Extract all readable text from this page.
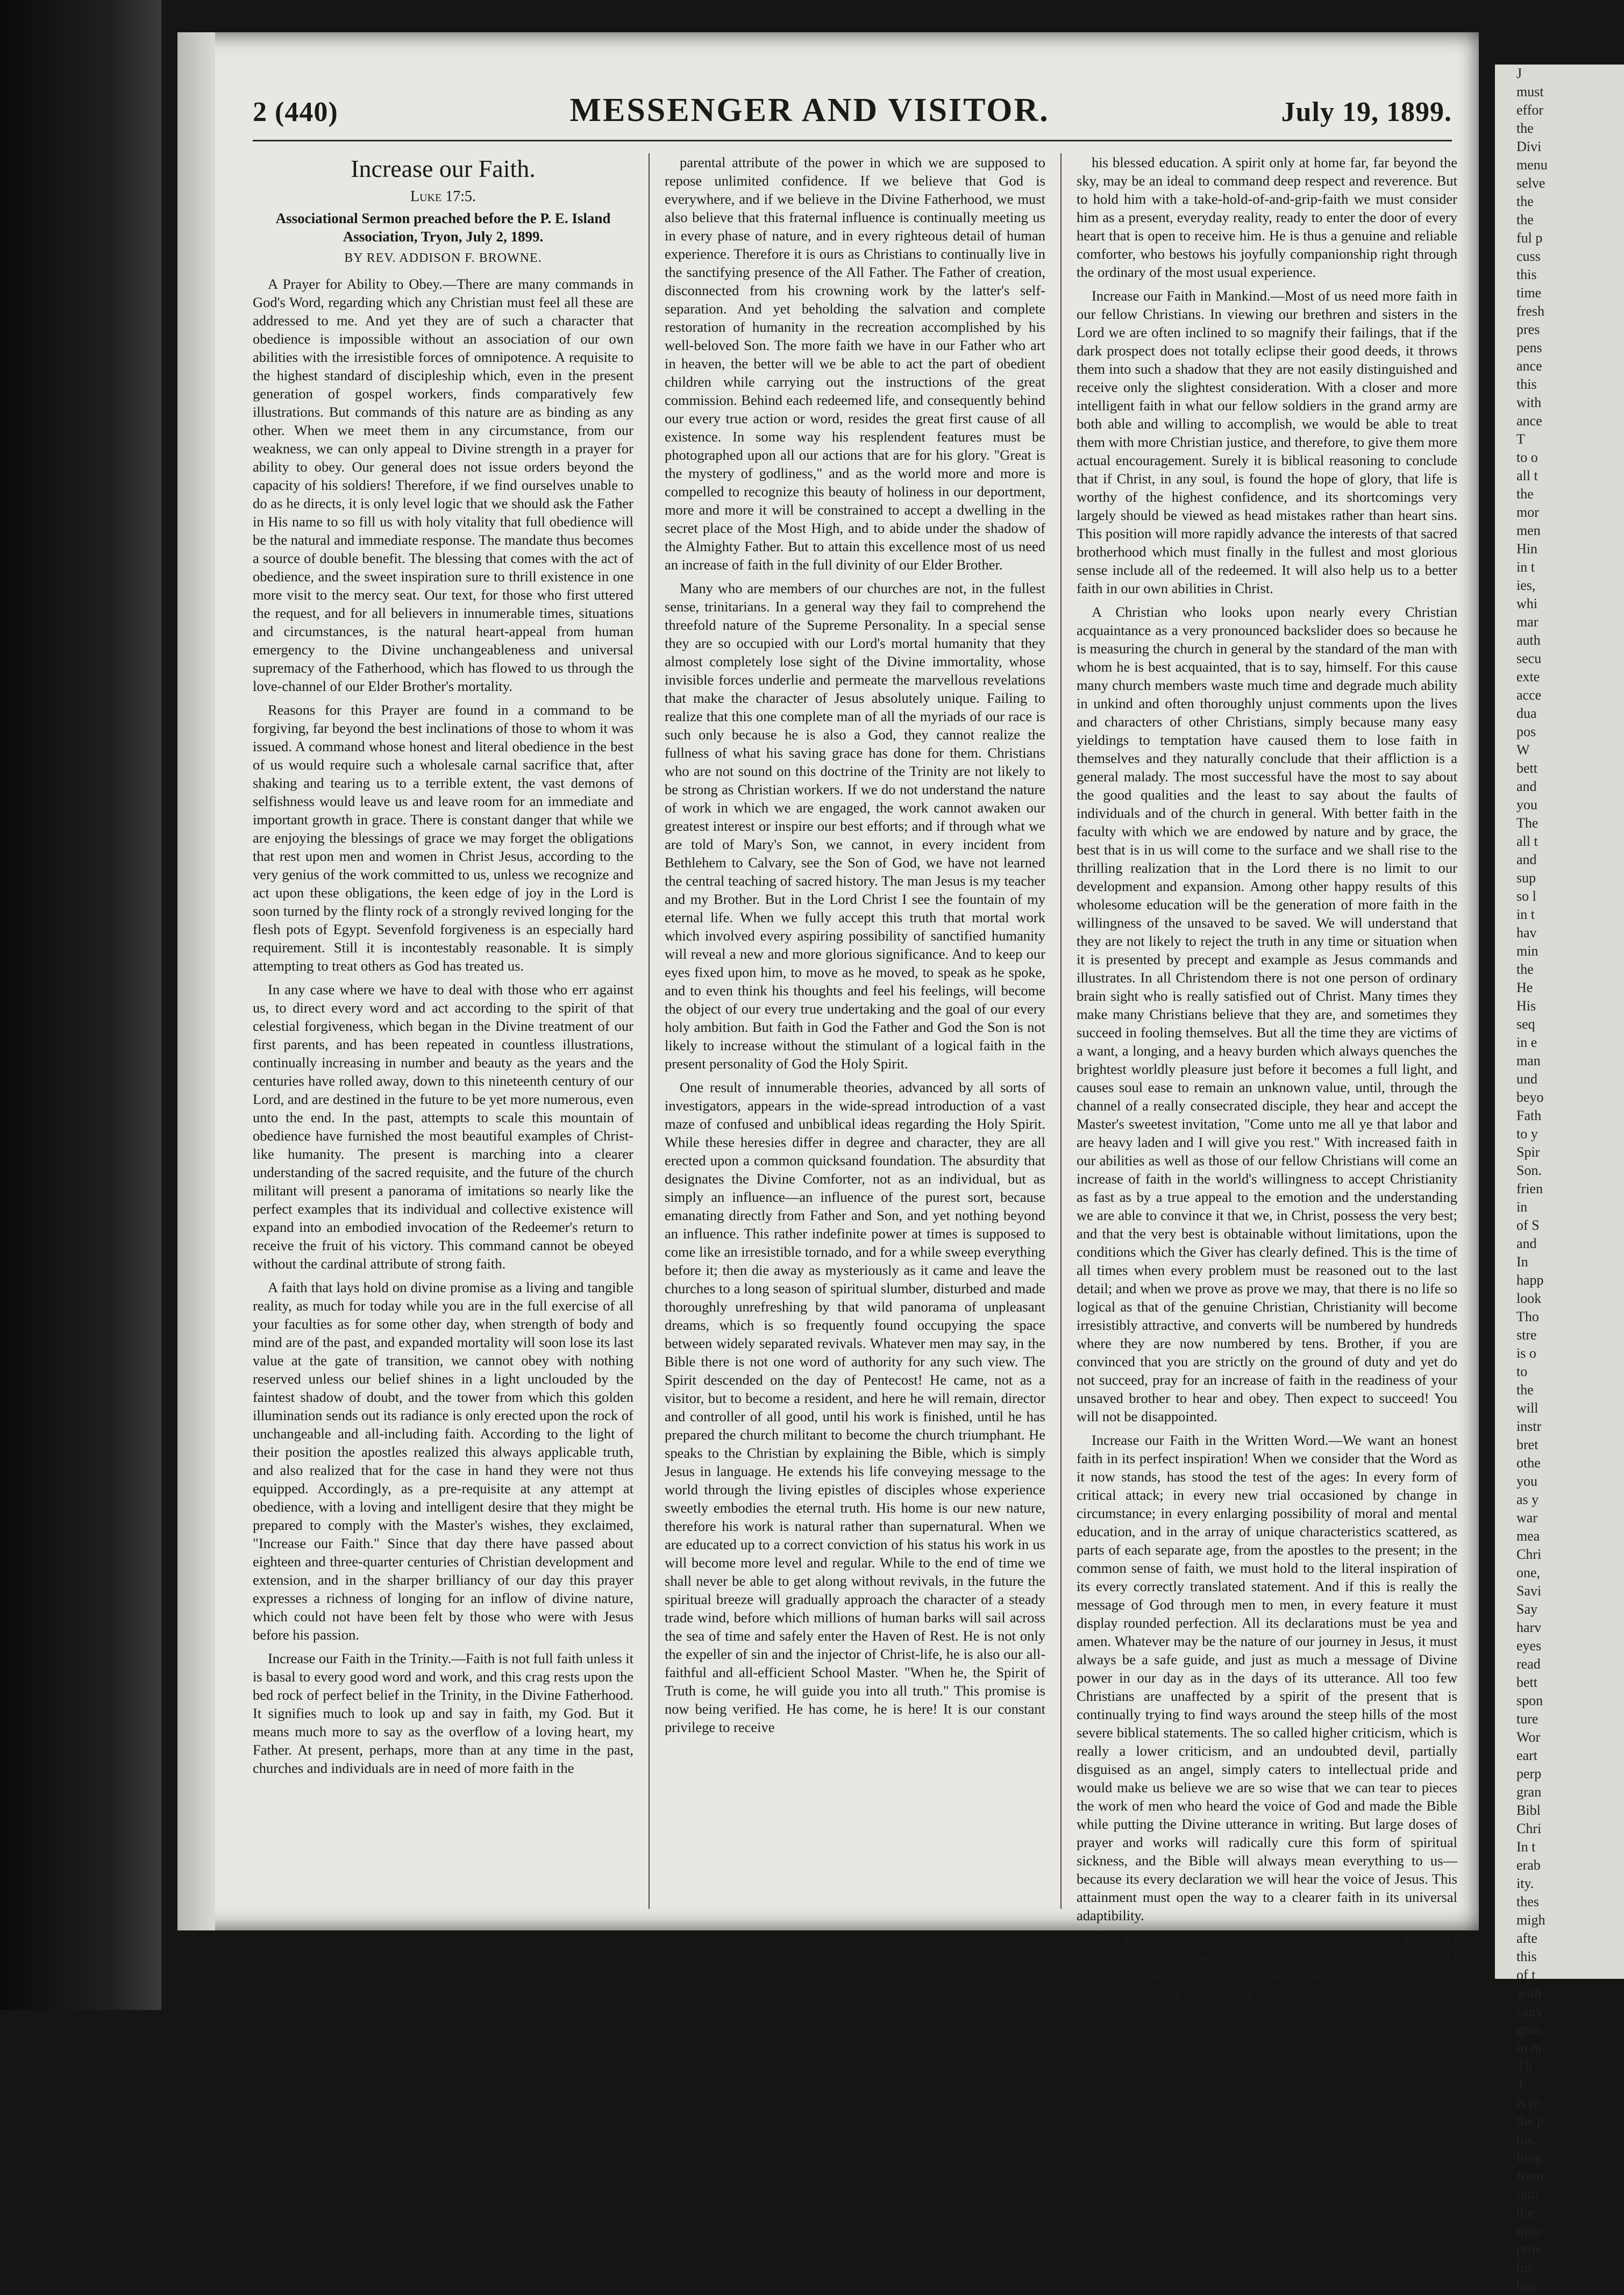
2 (440)	MESSENGER AND VISITOR.	July 19, 1899.
Increase our Faith.
Luke 17:5.
Associational Sermon preached before the P. E. Island Association, Tryon, July 2, 1899.
BY REV. ADDISON F. BROWNE.

A Prayer for Ability to Obey.—There are many commands in God's Word, regarding which any Christian must feel all these are addressed to me. And yet they are of such a character that obedience is impossible without an association of our own abilities with the irresistible forces of omnipotence. A requisite to the highest standard of discipleship which, even in the present generation of gospel workers, finds comparatively few illustrations. But commands of this nature are as binding as any other. When we meet them in any circumstance, from our weakness, we can only appeal to Divine strength in a prayer for ability to obey. Our general does not issue orders beyond the capacity of his soldiers! Therefore, if we find ourselves unable to do as he directs, it is only level logic that we should ask the Father in His name to so fill us with holy vitality that full obedience will be the natural and immediate response. The mandate thus becomes a source of double benefit. The blessing that comes with the act of obedience, and the sweet inspiration sure to thrill existence in one more visit to the mercy seat. Our text, for those who first uttered the request, and for all believers in innumerable times, situations and circumstances, is the natural heart-appeal from human emergency to the Divine unchangeableness and universal supremacy of the Fatherhood, which has flowed to us through the love-channel of our Elder Brother's mortality.

Reasons for this Prayer are found in a command to be forgiving, far beyond the best inclinations of those to whom it was issued. A command whose honest and literal obedience in the best of us would require such a wholesale carnal sacrifice that, after shaking and tearing us to a terrible extent, the vast demons of selfishness would leave us and leave room for an immediate and important growth in grace. There is constant danger that while we are enjoying the blessings of grace we may forget the obligations that rest upon men and women in Christ Jesus, according to the very genius of the work committed to us, unless we recognize and act upon these obligations, the keen edge of joy in the Lord is soon turned by the flinty rock of a strongly revived longing for the flesh pots of Egypt. Sevenfold forgiveness is an especially hard requirement. Still it is incontestably reasonable. It is simply attempting to treat others as God has treated us.

In any case where we have to deal with those who err against us, to direct every word and act according to the spirit of that celestial forgiveness, which began in the Divine treatment of our first parents, and has been repeated in countless illustrations, continually increasing in number and beauty as the years and the centuries have rolled away, down to this nineteenth century of our Lord, and are destined in the future to be yet more numerous, even unto the end. In the past, attempts to scale this mountain of obedience have furnished the most beautiful examples of Christ-like humanity. The present is marching into a clearer understanding of the sacred requisite, and the future of the church militant will present a panorama of imitations so nearly like the perfect examples that its individual and collective existence will expand into an embodied invocation of the Redeemer's return to receive the fruit of his victory. This command cannot be obeyed without the cardinal attribute of strong faith.

A faith that lays hold on divine promise as a living and tangible reality, as much for today while you are in the full exercise of all your faculties as for some other day, when strength of body and mind are of the past, and expanded mortality will soon lose its last value at the gate of transition, we cannot obey with nothing reserved unless our belief shines in a light unclouded by the faintest shadow of doubt, and the tower from which this golden illumination sends out its radiance is only erected upon the rock of unchangeable and all-including faith. According to the light of their position the apostles realized this always applicable truth, and also realized that for the case in hand they were not thus equipped. Accordingly, as a pre-requisite at any attempt at obedience, with a loving and intelligent desire that they might be prepared to comply with the Master's wishes, they exclaimed, "Increase our Faith." Since that day there have passed about eighteen and three-quarter centuries of Christian development and extension, and in the sharper brilliancy of our day this prayer expresses a richness of longing for an inflow of divine nature, which could not have been felt by those who were with Jesus before his passion.

Increase our Faith in the Trinity.—Faith is not full faith unless it is basal to every good word and work, and this crag rests upon the bed rock of perfect belief in the Trinity, in the Divine Fatherhood. It signifies much to look up and say in faith, my God. But it means much more to say as the overflow of a loving heart, my Father. At present, perhaps, more than at any time in the past, churches and individuals are in need of more faith in the

parental attribute of the power in which we are supposed to repose unlimited confidence. If we believe that God is everywhere, and if we believe in the Divine Fatherhood, we must also believe that this fraternal influence is continually meeting us in every phase of nature, and in every righteous detail of human experience. Therefore it is ours as Christians to continually live in the sanctifying presence of the All Father. The Father of creation, disconnected from his crowning work by the latter's self-separation. And yet beholding the salvation and complete restoration of humanity in the recreation accomplished by his well-beloved Son. The more faith we have in our Father who art in heaven, the better will we be able to act the part of obedient children while carrying out the instructions of the great commission. Behind each redeemed life, and consequently behind our every true action or word, resides the great first cause of all existence. In some way his resplendent features must be photographed upon all our actions that are for his glory. "Great is the mystery of godliness," and as the world more and more is compelled to recognize this beauty of holiness in our deportment, more and more it will be constrained to accept a dwelling in the secret place of the Most High, and to abide under the shadow of the Almighty Father. But to attain this excellence most of us need an increase of faith in the full divinity of our Elder Brother.

Many who are members of our churches are not, in the fullest sense, trinitarians. In a general way they fail to comprehend the threefold nature of the Supreme Personality. In a special sense they are so occupied with our Lord's mortal humanity that they almost completely lose sight of the Divine immortality, whose invisible forces underlie and permeate the marvellous revelations that make the character of Jesus absolutely unique. Failing to realize that this one complete man of all the myriads of our race is such only because he is also a God, they cannot realize the fullness of what his saving grace has done for them. Christians who are not sound on this doctrine of the Trinity are not likely to be strong as Christian workers. If we do not understand the nature of work in which we are engaged, the work cannot awaken our greatest interest or inspire our best efforts; and if through what we are told of Mary's Son, we cannot, in every incident from Bethlehem to Calvary, see the Son of God, we have not learned the central teaching of sacred history. The man Jesus is my teacher and my Brother. But in the Lord Christ I see the fountain of my eternal life. When we fully accept this truth that mortal work which involved every aspiring possibility of sanctified humanity will reveal a new and more glorious significance. And to keep our eyes fixed upon him, to move as he moved, to speak as he spoke, and to even think his thoughts and feel his feelings, will become the object of our every true undertaking and the goal of our every holy ambition. But faith in God the Father and God the Son is not likely to increase without the stimulant of a logical faith in the present personality of God the Holy Spirit.

One result of innumerable theories, advanced by all sorts of investigators, appears in the wide-spread introduction of a vast maze of confused and unbiblical ideas regarding the Holy Spirit. While these heresies differ in degree and character, they are all erected upon a common quicksand foundation. The absurdity that designates the Divine Comforter, not as an individual, but as simply an influence—an influence of the purest sort, because emanating directly from Father and Son, and yet nothing beyond an influence. This rather indefinite power at times is supposed to come like an irresistible tornado, and for a while sweep everything before it; then die away as mysteriously as it came and leave the churches to a long season of spiritual slumber, disturbed and made thoroughly unrefreshing by that wild panorama of unpleasant dreams, which is so frequently found occupying the space between widely separated revivals. Whatever men may say, in the Bible there is not one word of authority for any such view. The Spirit descended on the day of Pentecost! He came, not as a visitor, but to become a resident, and here he will remain, director and controller of all good, until his work is finished, until he has prepared the church militant to become the church triumphant. He speaks to the Christian by explaining the Bible, which is simply Jesus in language. He extends his life conveying message to the world through the living epistles of disciples whose experience sweetly embodies the eternal truth. His home is our new nature, therefore his work is natural rather than supernatural. When we are educated up to a correct conviction of his status his work in us will become more level and regular. While to the end of time we shall never be able to get along without revivals, in the future the spiritual breeze will gradually approach the character of a steady trade wind, before which millions of human barks will sail across the sea of time and safely enter the Haven of Rest. He is not only the expeller of sin and the injector of Christ-life, he is also our all-faithful and all-efficient School Master. "When he, the Spirit of Truth is come, he will guide you into all truth." This promise is now being verified. He has come, he is here! It is our constant privilege to receive

his blessed education. A spirit only at home far, far beyond the sky, may be an ideal to command deep respect and reverence. But to hold him with a take-hold-of-and-grip-faith we must consider him as a present, everyday reality, ready to enter the door of every heart that is open to receive him. He is thus a genuine and reliable comforter, who bestows his joyfully companionship right through the ordinary of the most usual experience.

Increase our Faith in Mankind.—Most of us need more faith in our fellow Christians. In viewing our brethren and sisters in the Lord we are often inclined to so magnify their failings, that if the dark prospect does not totally eclipse their good deeds, it throws them into such a shadow that they are not easily distinguished and receive only the slightest consideration. With a closer and more intelligent faith in what our fellow soldiers in the grand army are both able and willing to accomplish, we would be able to treat them with more Christian justice, and therefore, to give them more actual encouragement. Surely it is biblical reasoning to conclude that if Christ, in any soul, is found the hope of glory, that life is worthy of the highest confidence, and its shortcomings very largely should be viewed as head mistakes rather than heart sins. This position will more rapidly advance the interests of that sacred brotherhood which must finally in the fullest and most glorious sense include all of the redeemed. It will also help us to a better faith in our own abilities in Christ.

A Christian who looks upon nearly every Christian acquaintance as a very pronounced backslider does so because he is measuring the church in general by the standard of the man with whom he is best acquainted, that is to say, himself. For this cause many church members waste much time and degrade much ability in unkind and often thoroughly unjust comments upon the lives and characters of other Christians, simply because many easy yieldings to temptation have caused them to lose faith in themselves and they naturally conclude that their affliction is a general malady. The most successful have the most to say about the good qualities and the least to say about the faults of individuals and of the church in general. With better faith in the faculty with which we are endowed by nature and by grace, the best that is in us will come to the surface and we shall rise to the thrilling realization that in the Lord there is no limit to our development and expansion. Among other happy results of this wholesome education will be the generation of more faith in the willingness of the unsaved to be saved. We will understand that they are not likely to reject the truth in any time or situation when it is presented by precept and example as Jesus commands and illustrates. In all Christendom there is not one person of ordinary brain sight who is really satisfied out of Christ. Many times they make many Christians believe that they are, and sometimes they succeed in fooling themselves. But all the time they are victims of a want, a longing, and a heavy burden which always quenches the brightest worldly pleasure just before it becomes a full light, and causes soul ease to remain an unknown value, until, through the channel of a really consecrated disciple, they hear and accept the Master's sweetest invitation, "Come unto me all ye that labor and are heavy laden and I will give you rest." With increased faith in our abilities as well as those of our fellow Christians will come an increase of faith in the world's willingness to accept Christianity as fast as by a true appeal to the emotion and the understanding we are able to convince it that we, in Christ, possess the very best; and that the very best is obtainable without limitations, upon the conditions which the Giver has clearly defined. This is the time of all times when every problem must be reasoned out to the last detail; and when we prove as prove we may, that there is no life so logical as that of the genuine Christian, Christianity will become irresistibly attractive, and converts will be numbered by hundreds where they are now numbered by tens. Brother, if you are convinced that you are strictly on the ground of duty and yet do not succeed, pray for an increase of faith in the readiness of your unsaved brother to hear and obey. Then expect to succeed! You will not be disappointed.

Increase our Faith in the Written Word.—We want an honest faith in its perfect inspiration! When we consider that the Word as it now stands, has stood the test of the ages: In every form of critical attack; in every new trial occasioned by change in circumstance; in every enlarging possibility of moral and mental education, and in the array of unique characteristics scattered, as parts of each separate age, from the apostles to the present; in the common sense of faith, we must hold to the literal inspiration of its every correctly translated statement. And if this is really the message of God through men to men, in every feature it must display rounded perfection. All its declarations must be yea and amen. Whatever may be the nature of our journey in Jesus, it must always be a safe guide, and just as much a message of Divine power in our day as in the days of its utterance. All too few Christians are unaffected by a spirit of the present that is continually trying to find ways around the steep hills of the most severe biblical statements. The so called higher criticism, which is really a lower criticism, and an undoubted devil, partially disguised as an angel, simply caters to intellectual pride and would make us believe we are so wise that we can tear to pieces the work of men who heard the voice of God and made the Bible while putting the Divine utterance in writing. But large doses of prayer and works will radically cure this form of spiritual sickness, and the Bible will always mean everything to us—because its every declaration we will hear the voice of Jesus. This attainment must open the way to a clearer faith in its universal adaptibility.

The autobiography of the man without blemish; a perfect literary production; because in a perfect way describing a perfect life. Such a work must signify exactly the same to all ages, races and places, and by its teaching

J
must
effor
the
Divi
menu
selve
the
the
ful p
cuss
this
time
fresh
pres
pens
ance
this
with
ance
T
to o
all t
the
mor
men
Hin
in t
ies,
whi
mar
auth
secu
exte
acce
dua
pos
W
bett
and
you
The
all t
and
sup
so l
in t
hav
min
the
He
His
seq
in e
man
und
beyo
Fath
to y
Spir
Son.
frien
in
of S
and
In
happ
look
Tho
stre
is o
to
the
will
instr
bret
othe
you
as y
war
mea
Chri
one,
Savi
Say
harv
eyes
read
bett
spon
ture
Wor
eart
perp
gran
Bibl
Chri
In t
erab
ity.
thes
migh
afte
this
of t
with
canv
gran
in m
Th
T
is m
the p
bis.
long
from
into
the
mou
prov
his
bea
